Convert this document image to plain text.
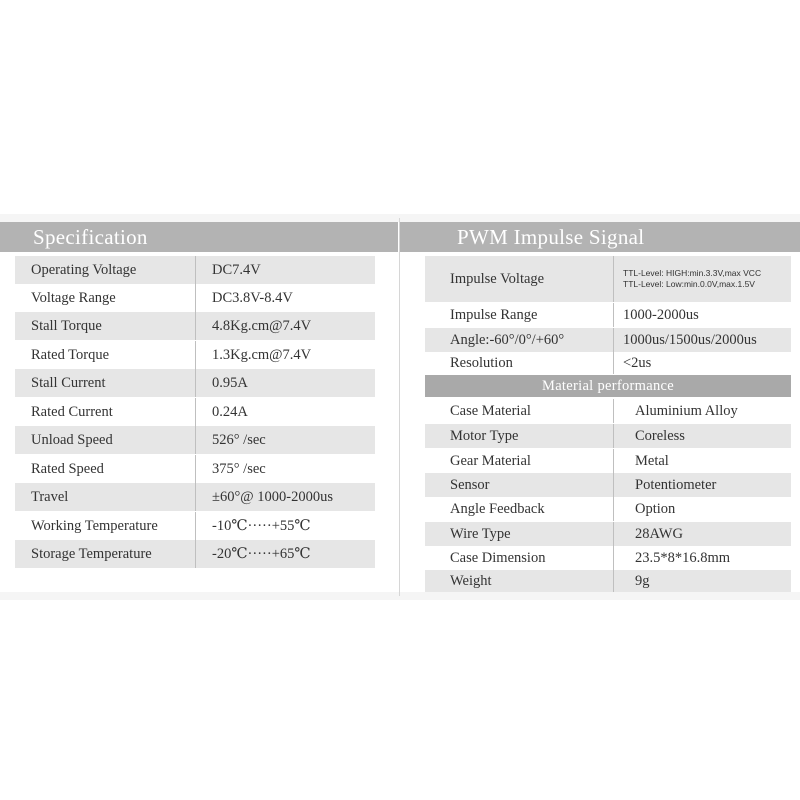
Specification
Operating Voltage	DC7.4V
Voltage Range	DC3.8V-8.4V
Stall Torque	4.8Kg.cm@7.4V
Rated Torque	1.3Kg.cm@7.4V
Stall Current	0.95A
Rated Current	0.24A
Unload Speed	526° /sec
Rated Speed	375° /sec
Travel	±60°@ 1000-2000us
Working Temperature	-10℃·····+55℃
Storage Temperature	-20℃·····+65℃
PWM Impulse Signal
Impulse Voltage	TTL-Level: HIGH:min.3.3V,max VCC
TTL-Level: Low:min.0.0V,max.1.5V
Impulse Range	1000-2000us
Angle:-60°/0°/+60°	1000us/1500us/2000us
Resolution	<2us
Material performance
Case Material	Aluminium Alloy
Motor Type	Coreless
Gear Material	Metal
Sensor	Potentiometer
Angle Feedback	Option
Wire Type	28AWG
Case Dimension	23.5*8*16.8mm
Weight	9g
